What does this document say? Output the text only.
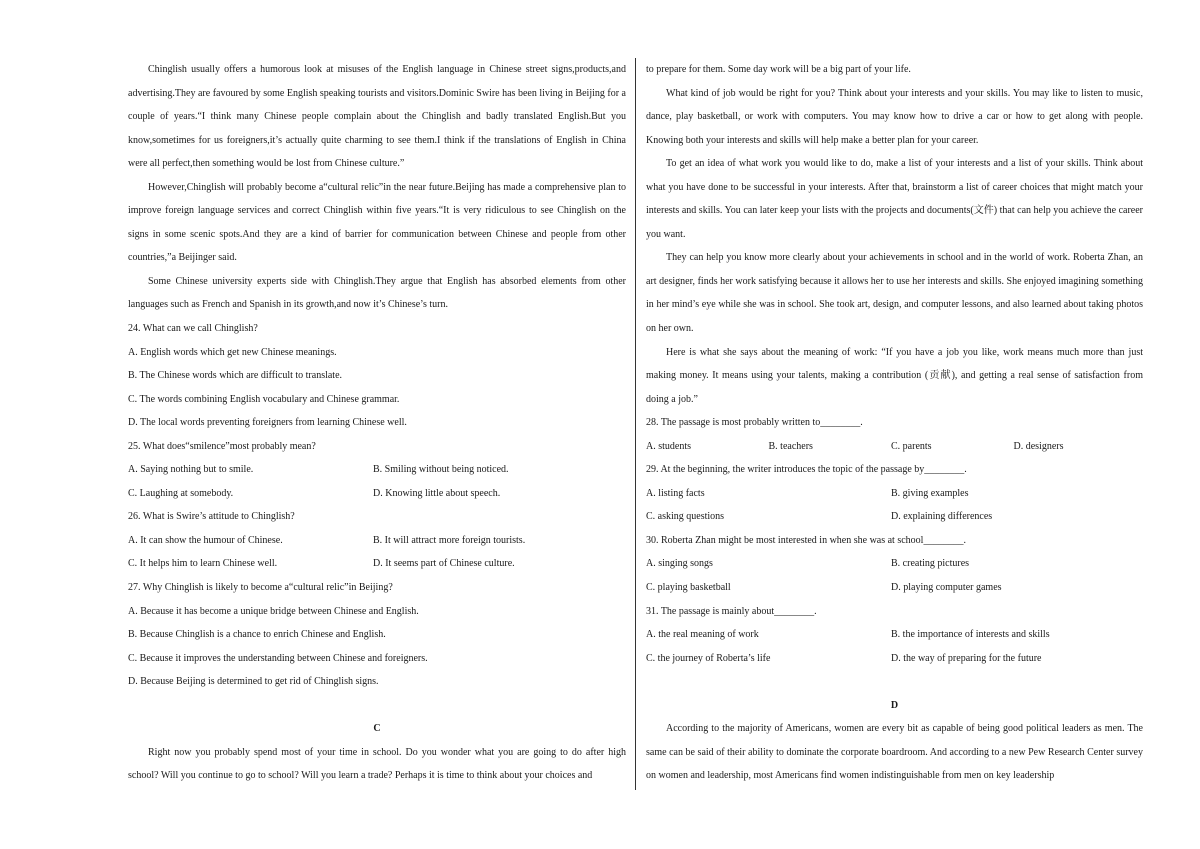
Chinglish usually offers a humorous look at misuses of the English language in Chinese street signs,products,and advertising.They are favoured by some English speaking tourists and visitors.Dominic Swire has been living in Beijing for a couple of years.“I think many Chinese people complain about the Chinglish and badly translated English.But you know,sometimes for us foreigners,it’s actually quite charming to see them.I think if the translations of English in China were all perfect,then something would be lost from Chinese culture.”

However,Chinglish will probably become a“cultural relic”in the near future.Beijing has made a comprehensive plan to improve foreign language services and correct Chinglish within five years.“It is very ridiculous to see Chinglish on the signs in some scenic spots.And they are a kind of barrier for communication between Chinese and people from other countries,”a Beijinger said.

Some Chinese university experts side with Chinglish.They argue that English has absorbed elements from other languages such as French and Spanish in its growth,and now it’s Chinese’s turn.

24. What can we call Chinglish?

A. English words which get new Chinese meanings.

B. The Chinese words which are difficult to translate.

C. The words combining English vocabulary and Chinese grammar.

D. The local words preventing foreigners from learning Chinese well.

25. What does“smilence”most probably mean?

A. Saying nothing but to smile.	B. Smiling without being noticed.
C. Laughing at somebody.	D. Knowing little about speech.

26. What is Swire’s attitude to Chinglish?

A. It can show the humour of Chinese.	B. It will attract more foreign tourists.
C. It helps him to learn Chinese well.	D. It seems part of Chinese culture.

27. Why Chinglish is likely to become a“cultural relic”in Beijing?

A. Because it has become a unique bridge between Chinese and English.

B. Because Chinglish is a chance to enrich Chinese and English.

C. Because it improves the understanding between Chinese and foreigners.

D. Because Beijing is determined to get rid of Chinglish signs.

C

Right now you probably spend most of your time in school. Do you wonder what you are going to do after high school? Will you continue to go to school? Will you learn a trade? Perhaps it is time to think about your choices and

to prepare for them. Some day work will be a big part of your life.

What kind of job would be right for you? Think about your interests and your skills. You may like to listen to music, dance, play basketball, or work with computers. You may know how to drive a car or how to get along with people. Knowing both your interests and skills will help make a better plan for your career.

To get an idea of what work you would like to do, make a list of your interests and a list of your skills. Think about what you have done to be successful in your interests. After that, brainstorm a list of career choices that might match your interests and skills. You can later keep your lists with the projects and documents(文件) that can help you achieve the career you want.

They can help you know more clearly about your achievements in school and in the world of work. Roberta Zhan, an art designer, finds her work satisfying because it allows her to use her interests and skills. She enjoyed imagining something in her mind’s eye while she was in school. She took art, design, and computer lessons, and also learned about taking photos on her own.

Here is what she says about the meaning of work: “If you have a job you like, work means much more than just making money. It means using your talents, making a contribution (贡献), and getting a real sense of satisfaction from doing a job.”

28. The passage is most probably written to________.

A. students	B. teachers	C. parents	D. designers

29. At the beginning, the writer introduces the topic of the passage by________.

A. listing facts	B. giving examples
C. asking questions	D. explaining differences

30. Roberta Zhan might be most interested in when she was at school________.

A. singing songs	B. creating pictures
C. playing basketball	D. playing computer games

31. The passage is mainly about________.

A. the real meaning of work	B. the importance of interests and skills
C. the journey of Roberta’s life	D. the way of preparing for the future

D

According to the majority of Americans, women are every bit as capable of being good political leaders as men. The same can be said of their ability to dominate the corporate boardroom. And according to a new Pew Research Center survey on women and leadership, most Americans find women indistinguishable from men on key leadership
